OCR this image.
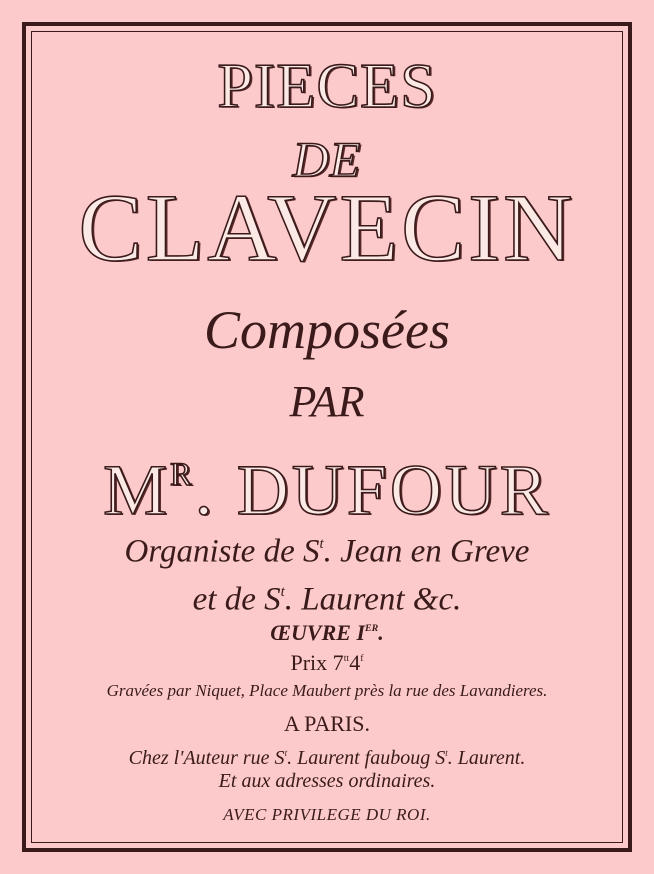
PIECES
DE
CLAVECIN
Composées
PAR
$M^R$. DUFOUR
Organiste de $S^t$. Jean en Greve
et de $S^t$. Laurent &c.
ŒUVRE IER.
Prix $7^{tt}4^f$
Gravées par Niquet, Place Maubert près la rue des Lavandieres.
A PARIS.
Chez l'Auteur rue $S^t$. Laurent fauboug $S^t$. Laurent.
Et aux adresses ordinaires.
AVEC PRIVILEGE DU ROI.
